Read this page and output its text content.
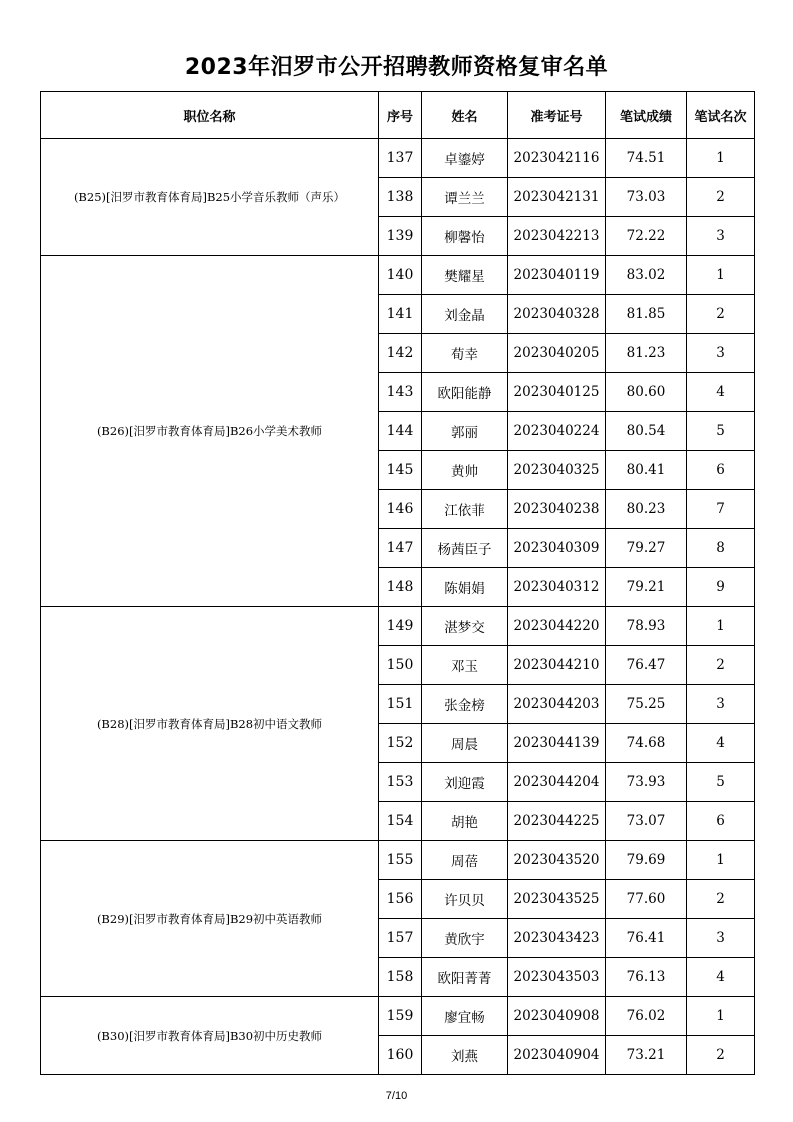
2023年汨罗市公开招聘教师资格复审名单
职位名称	序号	姓名	准考证号	笔试成绩	笔试名次
(B25)[汨罗市教育体育局]B25小学音乐教师（声乐）	137	卓鎏婷	2023042116	74.51	1
	138	谭兰兰	2023042131	73.03	2
	139	柳馨怡	2023042213	72.22	3
(B26)[汨罗市教育体育局]B26小学美术教师	140	樊耀星	2023040119	83.02	1
	141	刘金晶	2023040328	81.85	2
	142	荀幸	2023040205	81.23	3
	143	欧阳能静	2023040125	80.60	4
	144	郭丽	2023040224	80.54	5
	145	黄帅	2023040325	80.41	6
	146	江依菲	2023040238	80.23	7
	147	杨茜臣子	2023040309	79.27	8
	148	陈娟娟	2023040312	79.21	9
(B28)[汨罗市教育体育局]B28初中语文教师	149	湛梦交	2023044220	78.93	1
	150	邓玉	2023044210	76.47	2
	151	张金榜	2023044203	75.25	3
	152	周晨	2023044139	74.68	4
	153	刘迎霞	2023044204	73.93	5
	154	胡艳	2023044225	73.07	6
(B29)[汨罗市教育体育局]B29初中英语教师	155	周蓓	2023043520	79.69	1
	156	许贝贝	2023043525	77.60	2
	157	黄欣宇	2023043423	76.41	3
	158	欧阳菁菁	2023043503	76.13	4
(B30)[汨罗市教育体育局]B30初中历史教师	159	廖宜畅	2023040908	76.02	1
	160	刘燕	2023040904	73.21	2
7/10
